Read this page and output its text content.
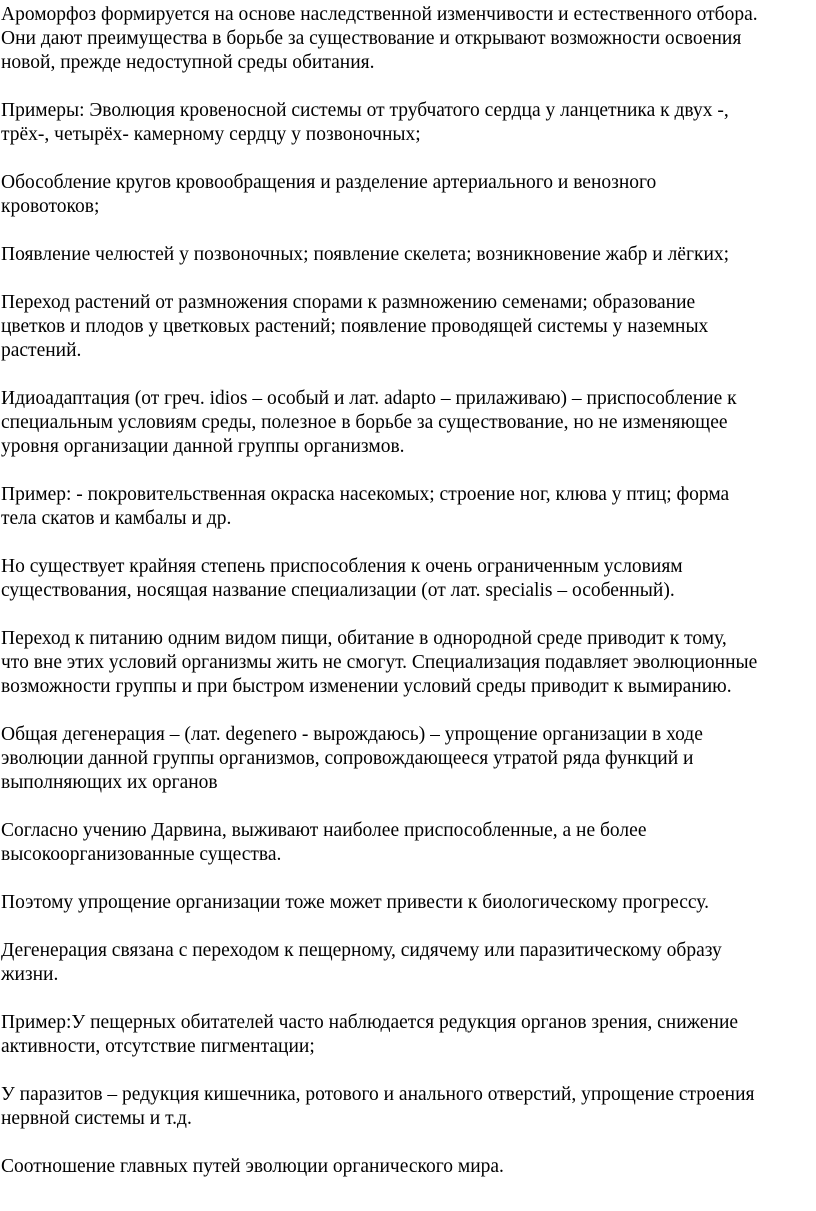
Ароморфоз формируется на основе наследственной изменчивости и естественного отбора.
Они дают преимущества в борьбе за существование и открывают возможности освоения
новой, прежде недоступной среды обитания.

Примеры: Эволюция кровеносной системы от трубчатого сердца у ланцетника к двух -,
трёх-, четырёх- камерному сердцу у позвоночных;

Обособление кругов кровообращения и разделение артериального и венозного
кровотоков;

Появление челюстей у позвоночных; появление скелета; возникновение жабр и лёгких;

Переход растений от размножения спорами к размножению семенами; образование
цветков и плодов у цветковых растений; появление проводящей системы у наземных
растений.

Идиоадаптация (от греч. idios – особый и лат. adapto – прилаживаю) – приспособление к
специальным условиям среды, полезное в борьбе за существование, но не изменяющее
уровня организации данной группы организмов.

Пример: - покровительственная окраска насекомых; строение ног, клюва у птиц; форма
тела скатов и камбалы и др.

Но существует крайняя степень приспособления к очень ограниченным условиям
существования, носящая название специализации (от лат. specialis – особенный).

Переход к питанию одним видом пищи, обитание в однородной среде приводит к тому,
что вне этих условий организмы жить не смогут. Специализация подавляет эволюционные
возможности группы и при быстром изменении условий среды приводит к вымиранию.

Общая дегенерация – (лат. degenero - вырождаюсь) – упрощение организации в ходе
эволюции данной группы организмов, сопровождающееся утратой ряда функций и
выполняющих их органов

Согласно учению Дарвина, выживают наиболее приспособленные, а не более
высокоорганизованные существа.

Поэтому упрощение организации тоже может привести к биологическому прогрессу.

Дегенерация связана с переходом к пещерному, сидячему или паразитическому образу
жизни.

Пример:У пещерных обитателей часто наблюдается редукция органов зрения, снижение
активности, отсутствие пигментации;

У паразитов – редукция кишечника, ротового и анального отверстий, упрощение строения
нервной системы и т.д.

Соотношение главных путей эволюции органического мира.
